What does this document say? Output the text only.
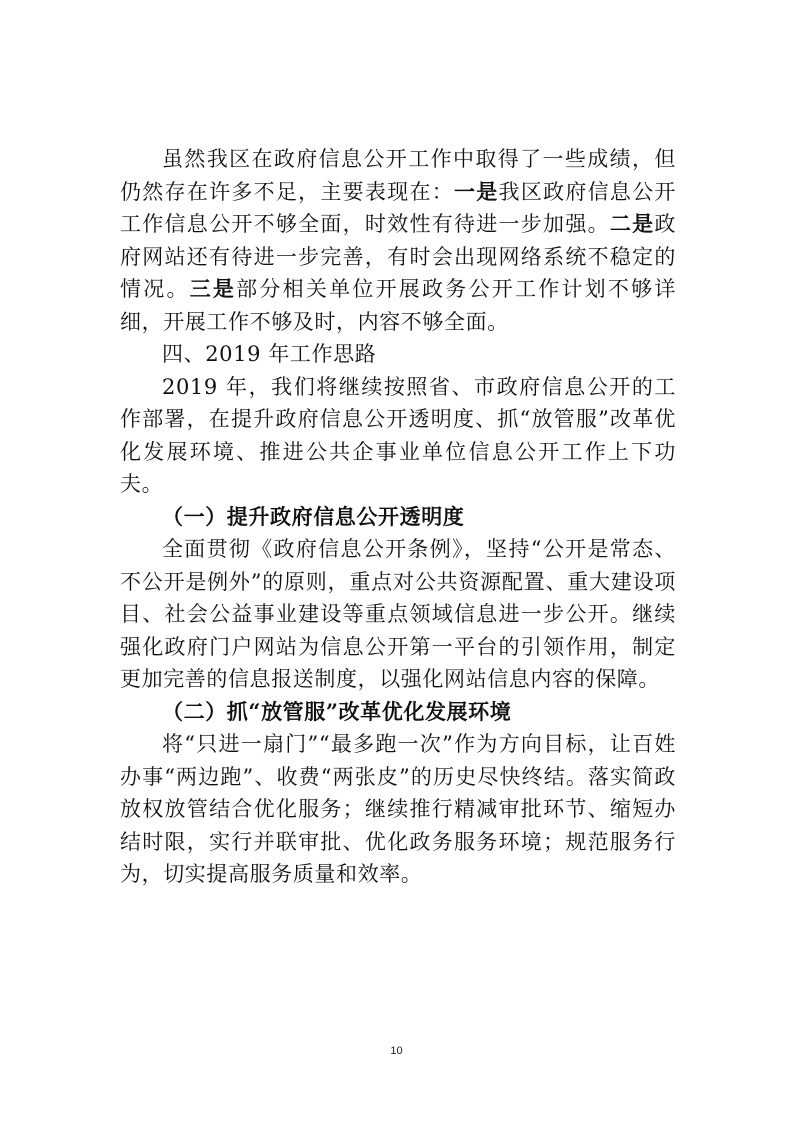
虽然我区在政府信息公开工作中取得了一些成绩，但仍然存在许多不足，主要表现在：一是我区政府信息公开工作信息公开不够全面，时效性有待进一步加强。二是政府网站还有待进一步完善，有时会出现网络系统不稳定的情况。三是部分相关单位开展政务公开工作计划不够详细，开展工作不够及时，内容不够全面。

四、2019 年工作思路

2019 年，我们将继续按照省、市政府信息公开的工作部署，在提升政府信息公开透明度、抓“放管服”改革优化发展环境、推进公共企事业单位信息公开工作上下功夫。

（一）提升政府信息公开透明度

全面贯彻《政府信息公开条例》，坚持“公开是常态、不公开是例外”的原则，重点对公共资源配置、重大建设项目、社会公益事业建设等重点领域信息进一步公开。继续强化政府门户网站为信息公开第一平台的引领作用，制定更加完善的信息报送制度，以强化网站信息内容的保障。

（二）抓“放管服”改革优化发展环境

将“只进一扇门”“最多跑一次”作为方向目标，让百姓办事“两边跑”、收费“两张皮”的历史尽快终结。落实简政放权放管结合优化服务；继续推行精减审批环节、缩短办结时限，实行并联审批、优化政务服务环境；规范服务行为，切实提高服务质量和效率。

10
